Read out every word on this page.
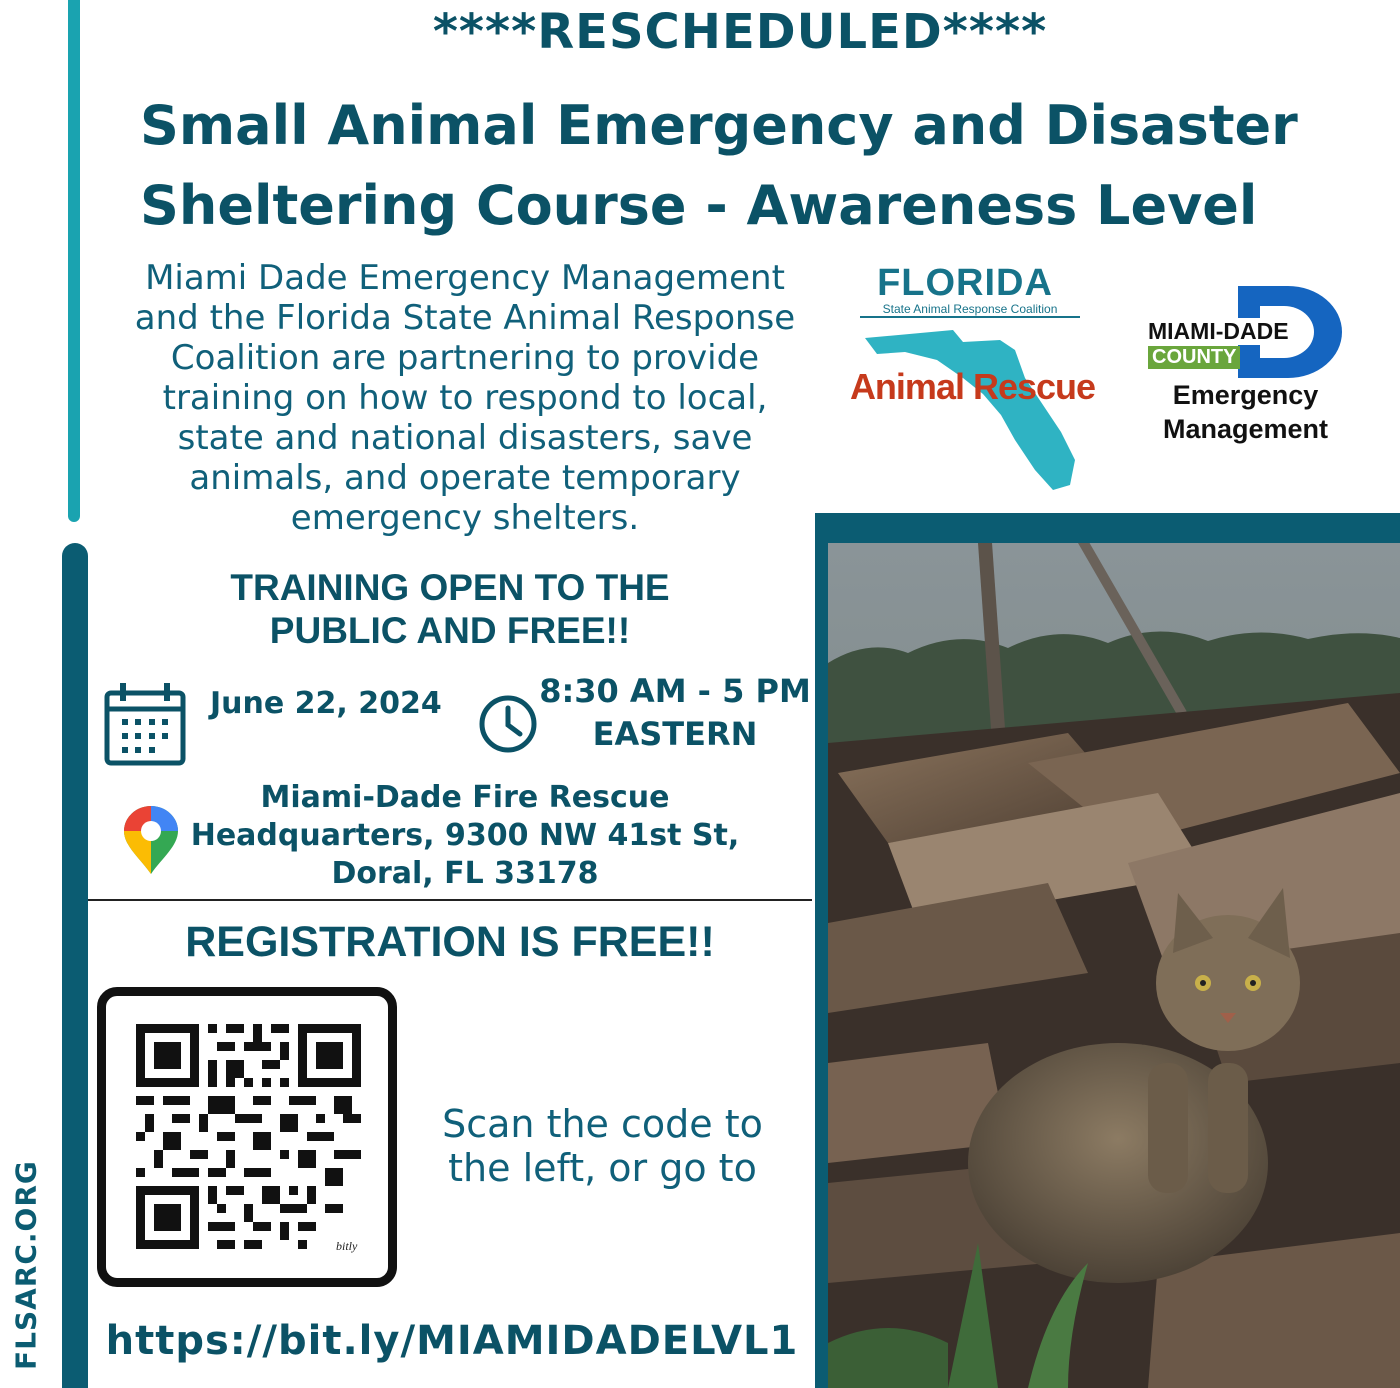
FLSARC.ORG
****RESCHEDULED****
Small Animal Emergency and Disaster
Sheltering Course - Awareness Level
Miami Dade Emergency Management
and the Florida State Animal Response
Coalition are partnering to provide
training on how to respond to local,
state and national disasters, save
animals, and operate temporary
emergency shelters.
FLORIDA
State Animal Response Coalition
Animal Rescue
MIAMI-DADE
COUNTY
Emergency
Management
TRAINING OPEN TO THE
PUBLIC AND FREE!!
June 22, 2024	8:30 AM - 5 PM
EASTERN
Miami-Dade Fire Rescue
Headquarters, 9300 NW 41st St,
Doral, FL 33178
REGISTRATION IS FREE!!
bitly
Scan the code to
the left, or go to
https://bit.ly/MIAMIDADELVL1
